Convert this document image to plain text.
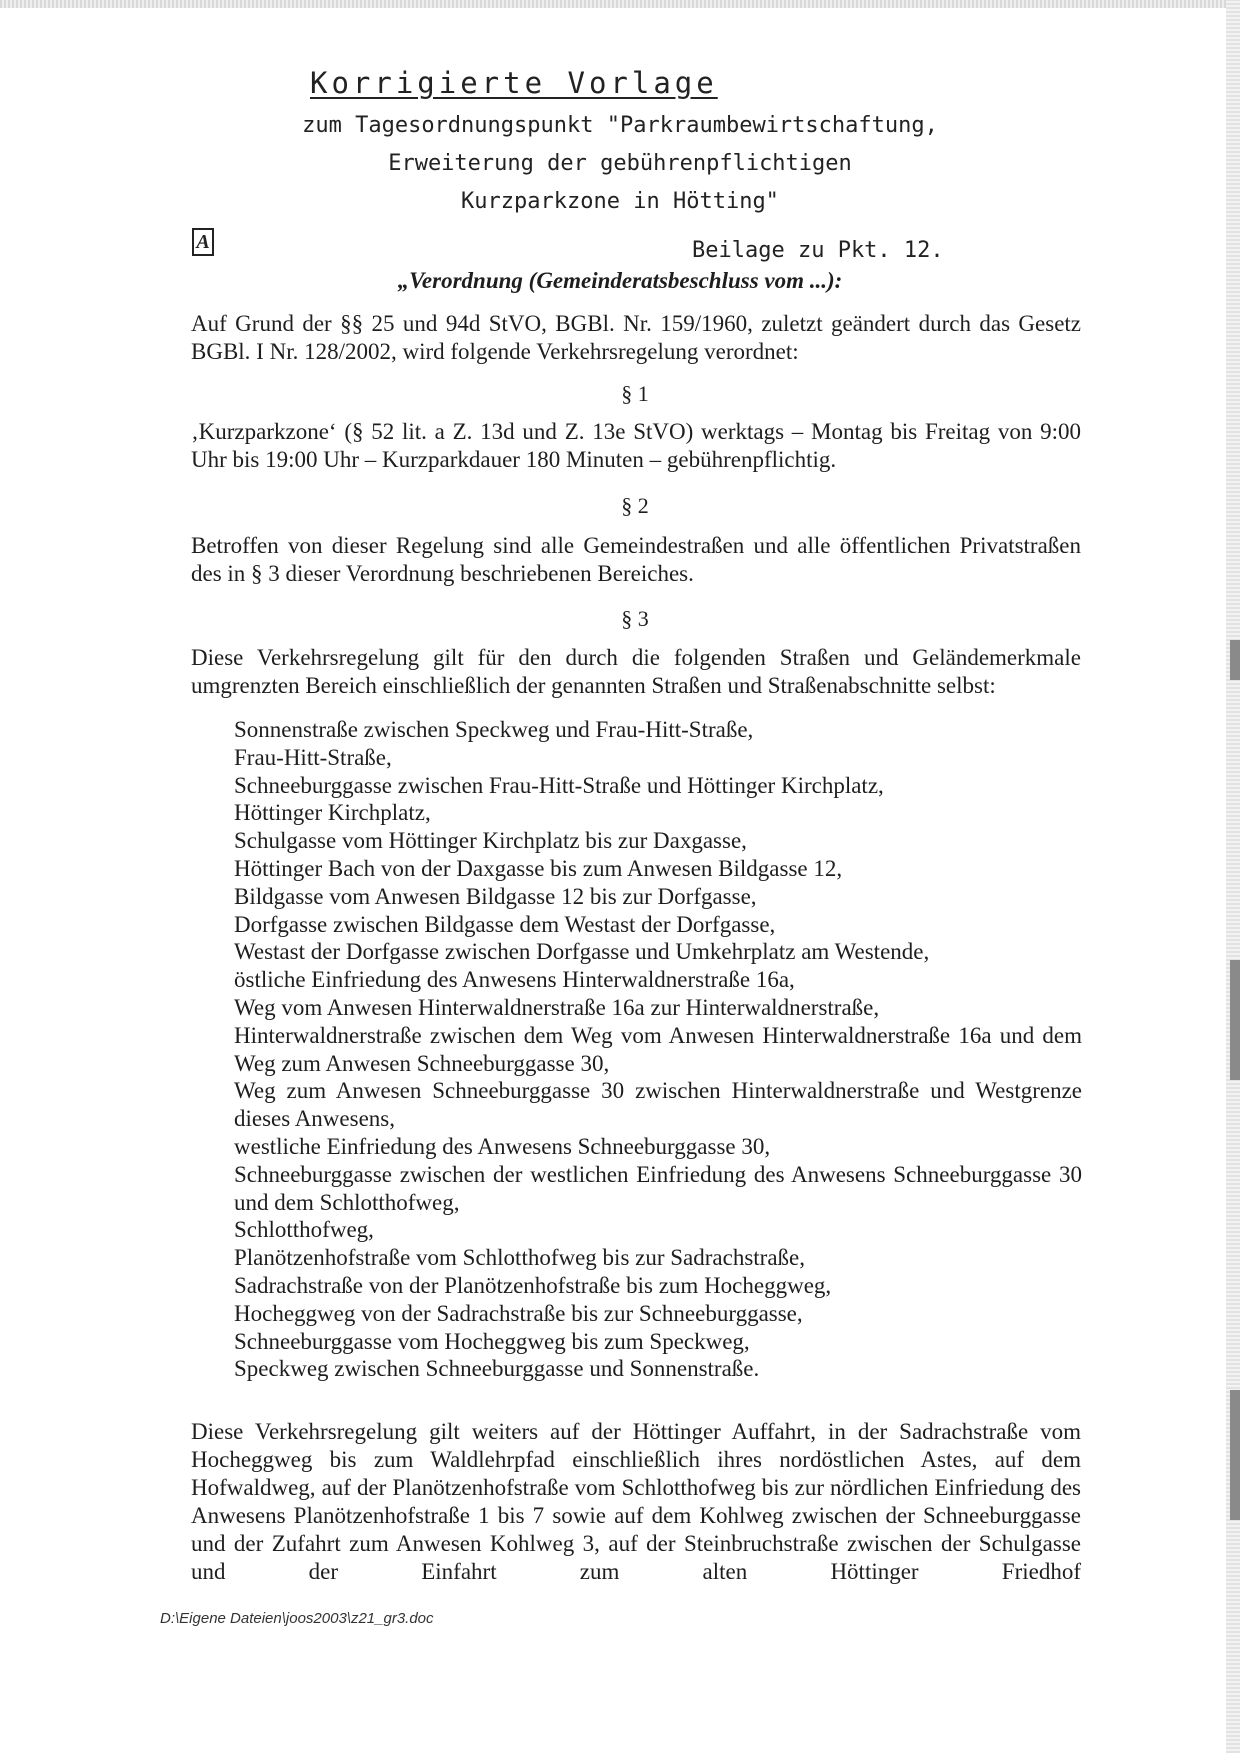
Korrigierte Vorlage
zum Tagesordnungspunkt "Parkraumbewirtschaftung,
Erweiterung der gebührenpflichtigen
Kurzparkzone in Hötting"
A	Beilage zu Pkt. 12.
„Verordnung (Gemeinderatsbeschluss vom ...):
Auf Grund der §§ 25 und 94d StVO, BGBl. Nr. 159/1960, zuletzt geändert durch das Gesetz BGBl. I Nr. 128/2002, wird folgende Verkehrsregelung verordnet:
§ 1
‚Kurzparkzone‘ (§ 52 lit. a Z. 13d und Z. 13e StVO) werktags – Montag bis Freitag von 9:00 Uhr bis 19:00 Uhr – Kurzparkdauer 180 Minuten – gebührenpflichtig.
§ 2
Betroffen von dieser Regelung sind alle Gemeindestraßen und alle öffentlichen Privatstraßen des in § 3 dieser Verordnung beschriebenen Bereiches.
§ 3
Diese Verkehrsregelung gilt für den durch die folgenden Straßen und Geländemerkmale umgrenzten Bereich einschließlich der genannten Straßen und Straßenabschnitte selbst:
Sonnenstraße zwischen Speckweg und Frau-Hitt-Straße,
Frau-Hitt-Straße,
Schneeburggasse zwischen Frau-Hitt-Straße und Höttinger Kirchplatz,
Höttinger Kirchplatz,
Schulgasse vom Höttinger Kirchplatz bis zur Daxgasse,
Höttinger Bach von der Daxgasse bis zum Anwesen Bildgasse 12,
Bildgasse vom Anwesen Bildgasse 12 bis zur Dorfgasse,
Dorfgasse zwischen Bildgasse dem Westast der Dorfgasse,
Westast der Dorfgasse zwischen Dorfgasse und Umkehrplatz am Westende,
östliche Einfriedung des Anwesens Hinterwaldnerstraße 16a,
Weg vom Anwesen Hinterwaldnerstraße 16a zur Hinterwaldnerstraße,
Hinterwaldnerstraße zwischen dem Weg vom Anwesen Hinterwaldnerstraße 16a und dem Weg zum Anwesen Schneeburggasse 30,
Weg zum Anwesen Schneeburggasse 30 zwischen Hinterwaldnerstraße und Westgrenze dieses Anwesens,
westliche Einfriedung des Anwesens Schneeburggasse 30,
Schneeburggasse zwischen der westlichen Einfriedung des Anwesens Schneeburggasse 30 und dem Schlotthofweg,
Schlotthofweg,
Planötzenhofstraße vom Schlotthofweg bis zur Sadrachstraße,
Sadrachstraße von der Planötzenhofstraße bis zum Hocheggweg,
Hocheggweg von der Sadrachstraße bis zur Schneeburggasse,
Schneeburggasse vom Hocheggweg bis zum Speckweg,
Speckweg zwischen Schneeburggasse und Sonnenstraße.
Diese Verkehrsregelung gilt weiters auf der Höttinger Auffahrt, in der Sadrachstraße vom Hocheggweg bis zum Waldlehrpfad einschließlich ihres nordöstlichen Astes, auf dem Hofwaldweg, auf der Planötzenhofstraße vom Schlotthofweg bis zur nördlichen Einfriedung des Anwesens Planötzenhofstraße 1 bis 7 sowie auf dem Kohlweg zwischen der Schneeburggasse und der Zufahrt zum Anwesen Kohlweg 3, auf der Steinbruchstraße zwischen der Schulgasse und der Einfahrt zum alten Höttinger Friedhof
D:\Eigene Dateien\joos2003\z21_gr3.doc
